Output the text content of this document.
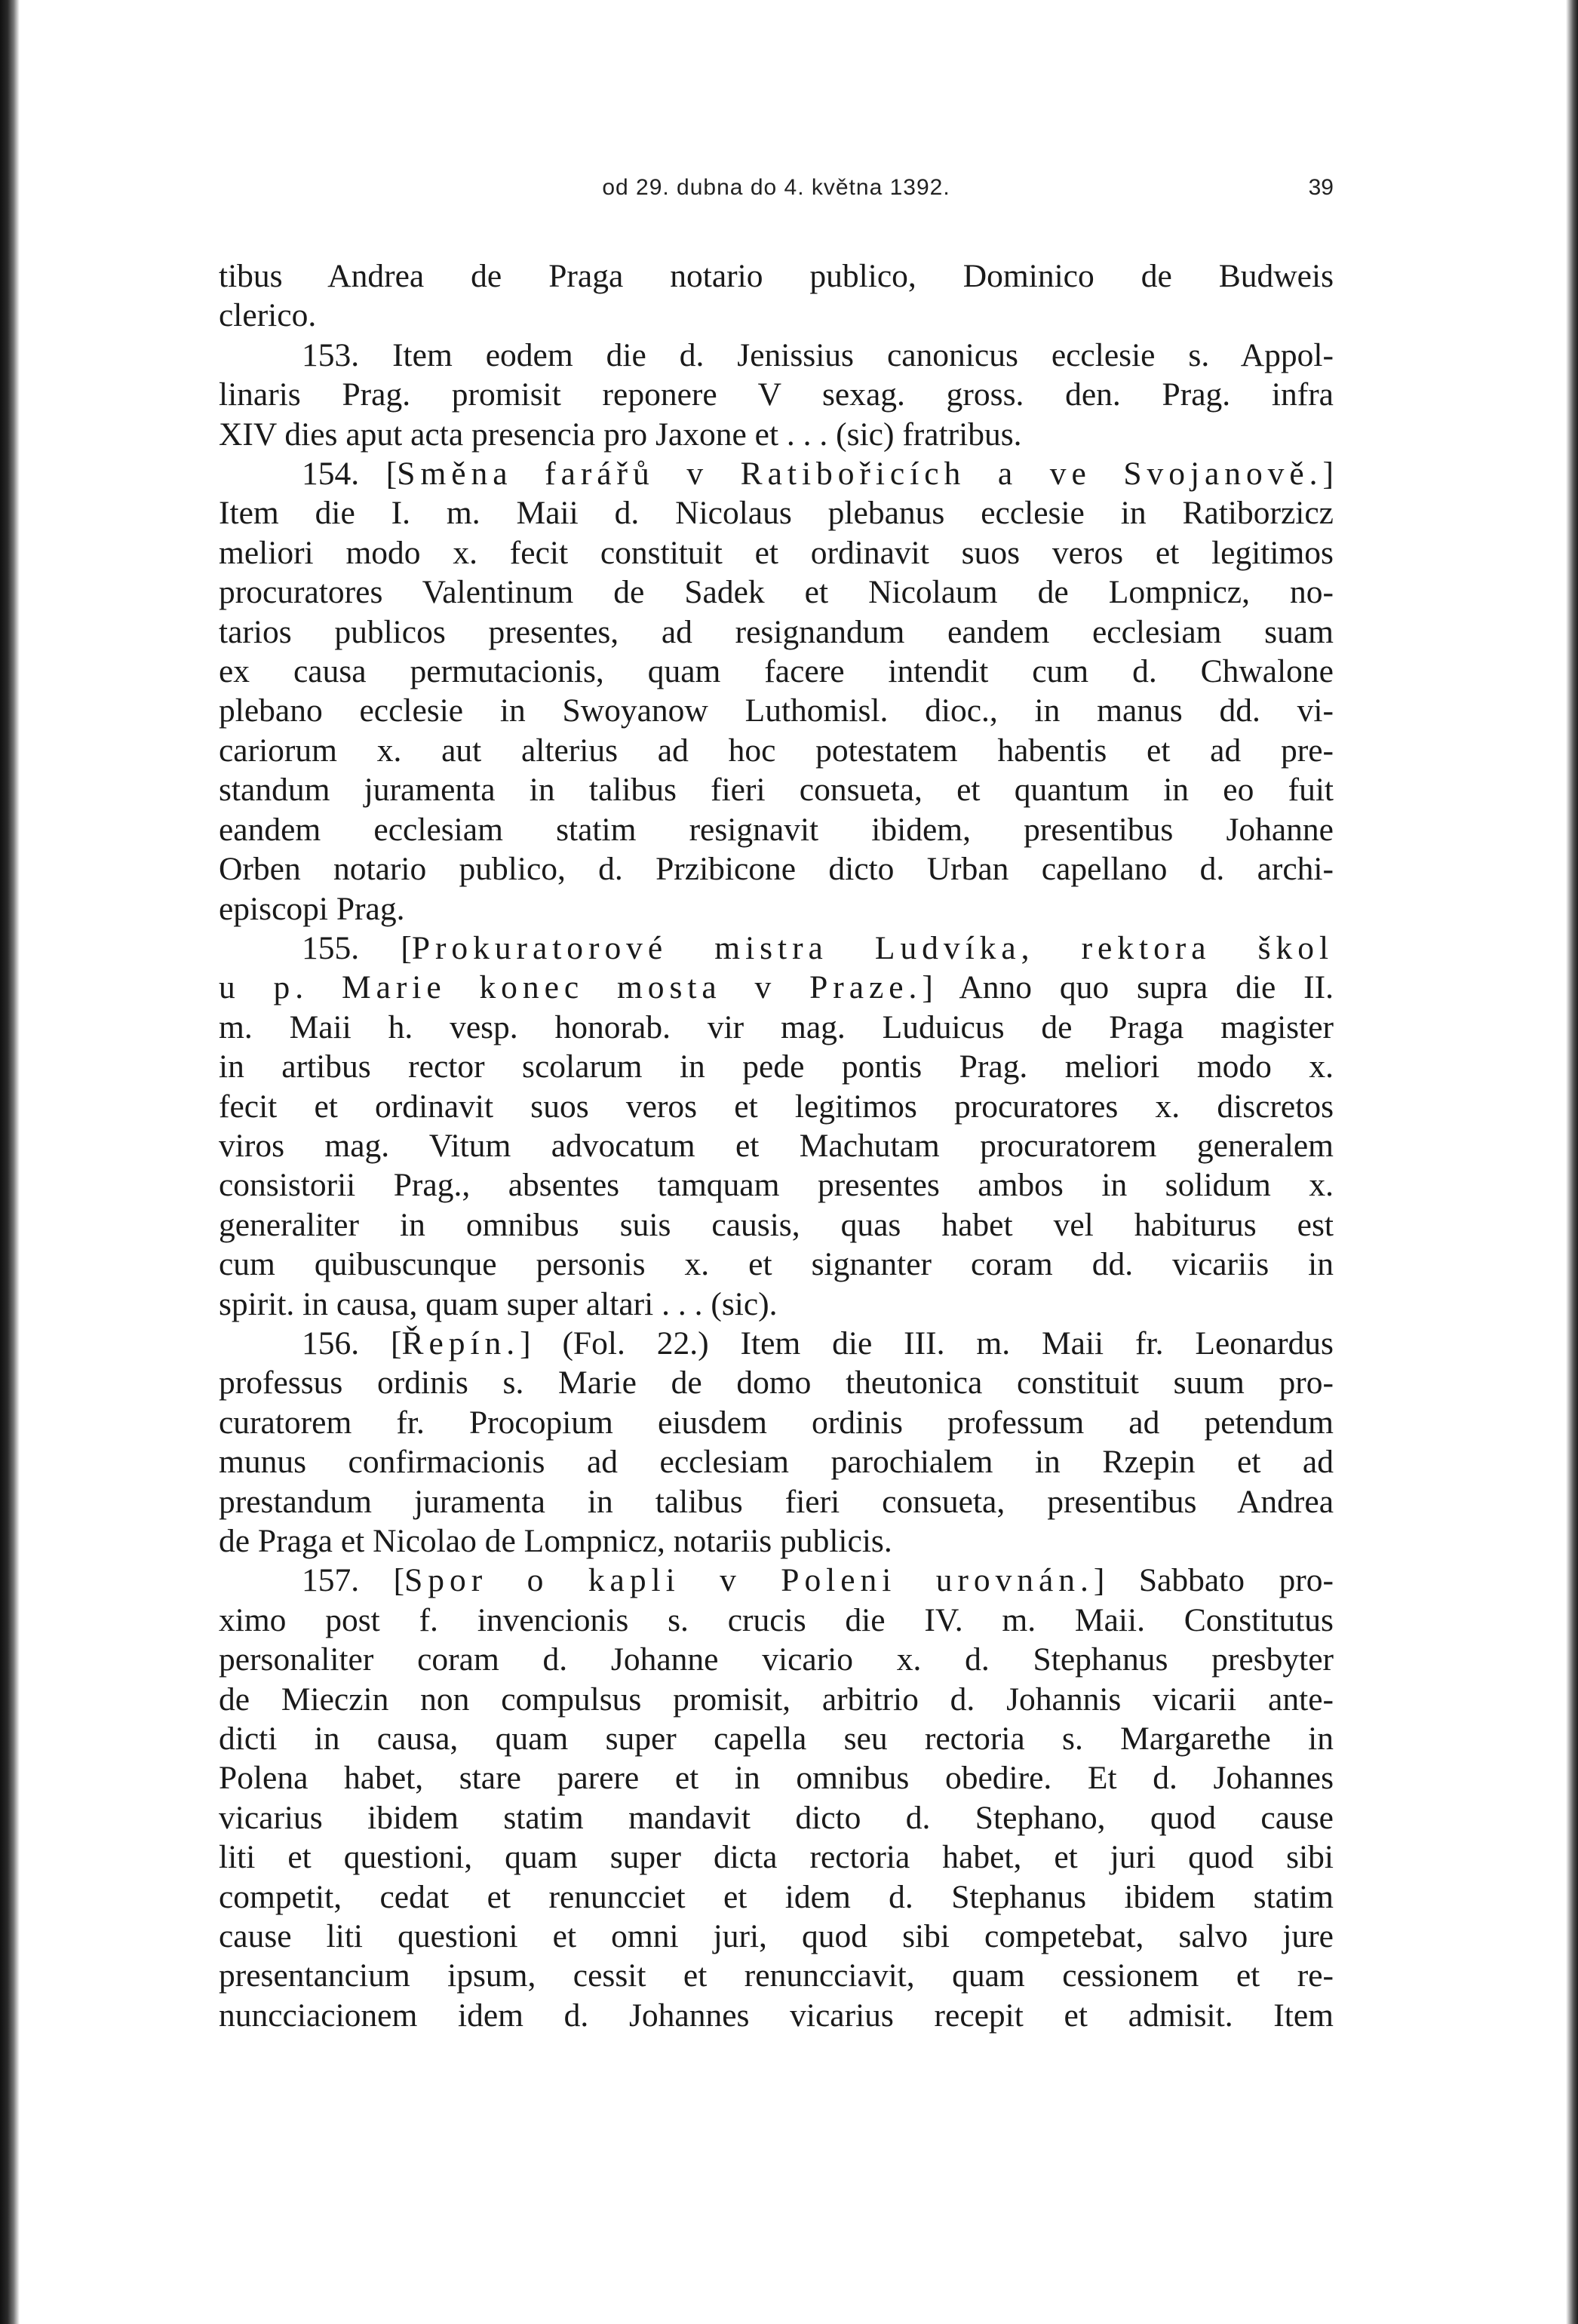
od 29. dubna do 4. května 1392.	39
tibus Andrea de Praga notario publico, Dominico de Budweis
clerico.
153. Item eodem die d. Jenissius canonicus ecclesie s. Appol-
linaris Prag. promisit reponere V sexag. gross. den. Prag. infra
XIV dies aput acta presencia pro Jaxone et . . . (sic) fratribus.
154. [Směna farářů v Ratibořicích a ve Svojanově.]
Item die I. m. Maii d. Nicolaus plebanus ecclesie in Ratiborzicz
meliori modo x. fecit constituit et ordinavit suos veros et legitimos
procuratores Valentinum de Sadek et Nicolaum de Lompnicz, no-
tarios publicos presentes, ad resignandum eandem ecclesiam suam
ex causa permutacionis, quam facere intendit cum d. Chwalone
plebano ecclesie in Swoyanow Luthomisl. dioc., in manus dd. vi-
cariorum x. aut alterius ad hoc potestatem habentis et ad pre-
standum juramenta in talibus fieri consueta, et quantum in eo fuit
eandem ecclesiam statim resignavit ibidem, presentibus Johanne
Orben notario publico, d. Przibicone dicto Urban capellano d. archi-
episcopi Prag.
155. [Prokuratorové mistra Ludvíka, rektora škol
u p. Marie konec mosta v Praze.] Anno quo supra die II.
m. Maii h. vesp. honorab. vir mag. Luduicus de Praga magister
in artibus rector scolarum in pede pontis Prag. meliori modo x.
fecit et ordinavit suos veros et legitimos procuratores x. discretos
viros mag. Vitum advocatum et Machutam procuratorem generalem
consistorii Prag., absentes tamquam presentes ambos in solidum x.
generaliter in omnibus suis causis, quas habet vel habiturus est
cum quibuscunque personis x. et signanter coram dd. vicariis in
spirit. in causa, quam super altari . . . (sic).
156. [Řepín.] (Fol. 22.) Item die III. m. Maii fr. Leonardus
professus ordinis s. Marie de domo theutonica constituit suum pro-
curatorem fr. Procopium eiusdem ordinis professum ad petendum
munus confirmacionis ad ecclesiam parochialem in Rzepin et ad
prestandum juramenta in talibus fieri consueta, presentibus Andrea
de Praga et Nicolao de Lompnicz, notariis publicis.
157. [Spor o kapli v Poleni urovnán.] Sabbato pro-
ximo post f. invencionis s. crucis die IV. m. Maii. Constitutus
personaliter coram d. Johanne vicario x. d. Stephanus presbyter
de Mieczin non compulsus promisit, arbitrio d. Johannis vicarii ante-
dicti in causa, quam super capella seu rectoria s. Margarethe in
Polena habet, stare parere et in omnibus obedire. Et d. Johannes
vicarius ibidem statim mandavit dicto d. Stephano, quod cause
liti et questioni, quam super dicta rectoria habet, et juri quod sibi
competit, cedat et renuncciet et idem d. Stephanus ibidem statim
cause liti questioni et omni juri, quod sibi competebat, salvo jure
presentancium ipsum, cessit et renuncciavit, quam cessionem et re-
nuncciacionem idem d. Johannes vicarius recepit et admisit. Item
